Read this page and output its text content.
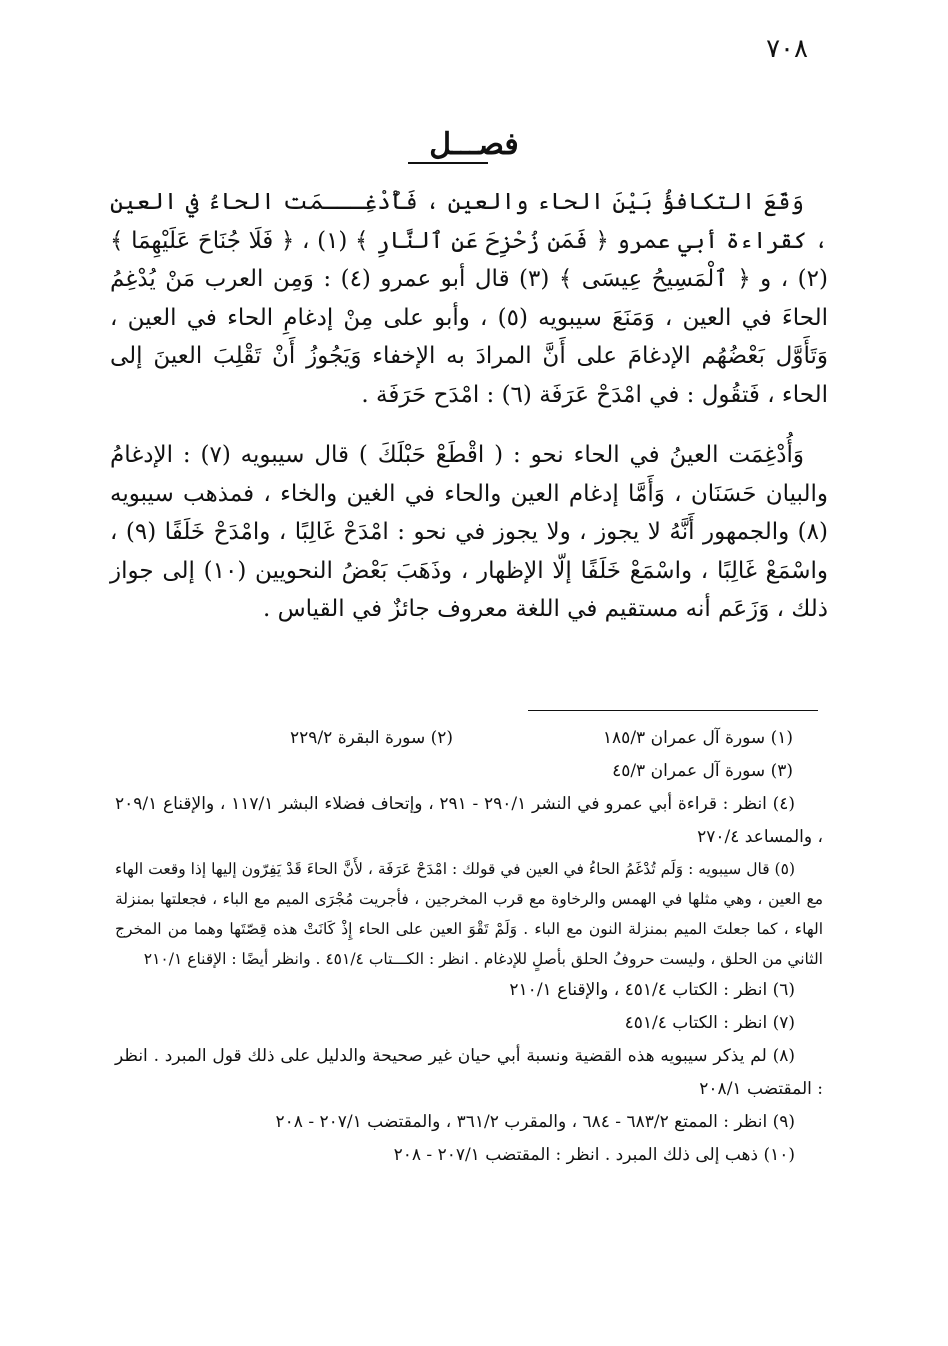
٧٠٨
فصـــل

وَقَعَ التكافؤُ بَيْنَ الحاء والعين ، فَأُدْغِـــمَت الحاءُ في العين ، كقراءة أبي عمرو ﴿ فَمَن زُحْزِحَ عَنِ ٱلنَّارِ ﴾ (١) ، ﴿ فَلَا جُنَاحَ عَلَيْهِمَا ﴾ (٢) ، و ﴿ ٱلْمَسِيحُ عِيسَى ﴾ (٣) قال أبو عمرو (٤) : وَمِن العرب مَنْ يُدْغِمُ الحاءَ في العين ، وَمَنَعَ سيبويه (٥) ، وأبو على مِنْ إدغامِ الحاء في العين ، وَتَأَوَّل بَعْضُهُم الإدغامَ على أَنَّ المرادَ به الإخفاء وَيَجُوزُ أَنْ تَقْلِبَ العينَ إلى الحاء ، فَتقُول : في امْدَحْ عَرَفَة (٦) : امْدَح حَرَفَة .

وَأُدْغِمَت العينُ في الحاء نحو : ( اقْطَعْ حَبْلَكَ ) قال سيبويه (٧) : الإدغامُ والبيان حَسَنَان ، وَأَمَّا إدغام العين والحاء في الغين والخاء ، فمذهب سيبويه (٨) والجمهور أَنَّهُ لا يجوز ، ولا يجوز في نحو : امْدَحْ غَالِبًا ، وامْدَحْ خَلَفًا (٩) ، واسْمَعْ غَالِبًا ، واسْمَعْ خَلَفًا إلّا الإظهار ، وذَهَبَ بَعْضُ النحويين (١٠) إلى جواز ذلك ، وَزَعَم أنه مستقيم في اللغة معروف جائزٌ في القياس .

(١) سورة آل عمران ١٨٥/٣
(٢) سورة البقرة ٢٢٩/٢
(٣) سورة آل عمران ٤٥/٣

(٤) انظر : قراءة أبي عمرو في النشر ٢٩٠/١ - ٢٩١ ، وإتحاف فضلاء البشر ١١٧/١ ، والإقناع ٢٠٩/١ ، والمساعد ٢٧٠/٤

(٥) قال سيبويه : وَلَم تُدْغَمُ الحاءُ في العين في قولك : امْدَحْ عَرَفَة ، لأَنَّ الحاءَ قَدْ يَفِرّون إليها إذا وقعت الهاء مع العين ، وهي مثلها في الهمس والرخاوة مع قرب المخرجين ، فأجريت مُجْرَى الميم مع الباء ، فجعلتها بمنزلة الهاء ، كما جعلتَ الميم بمنزلة النون مع الباء . وَلَمْ تَقْوَ العين على الحاء إِذْ كَانَتْ هذه قِصّتَها وهما من المخرج الثاني من الحلق ، وليست حروفُ الحلق بأصلٍ للإدغام . انظر : الكـــتاب ٤٥١/٤ . وانظر أيضًا : الإقناع ٢١٠/١

(٦) انظر : الكتاب ٤٥١/٤ ، والإقناع ٢١٠/١

(٧) انظر : الكتاب ٤٥١/٤

(٨) لم يذكر سيبويه هذه القضية ونسبة أبي حيان غير صحيحة والدليل على ذلك قول المبرد . انظر : المقتضب ٢٠٨/١

(٩) انظر : الممتع ٦٨٣/٢ - ٦٨٤ ، والمقرب ٣٦١/٢ ، والمقتضب ٢٠٧/١ - ٢٠٨

(١٠) ذهب إلى ذلك المبرد . انظر : المقتضب ٢٠٧/١ - ٢٠٨
